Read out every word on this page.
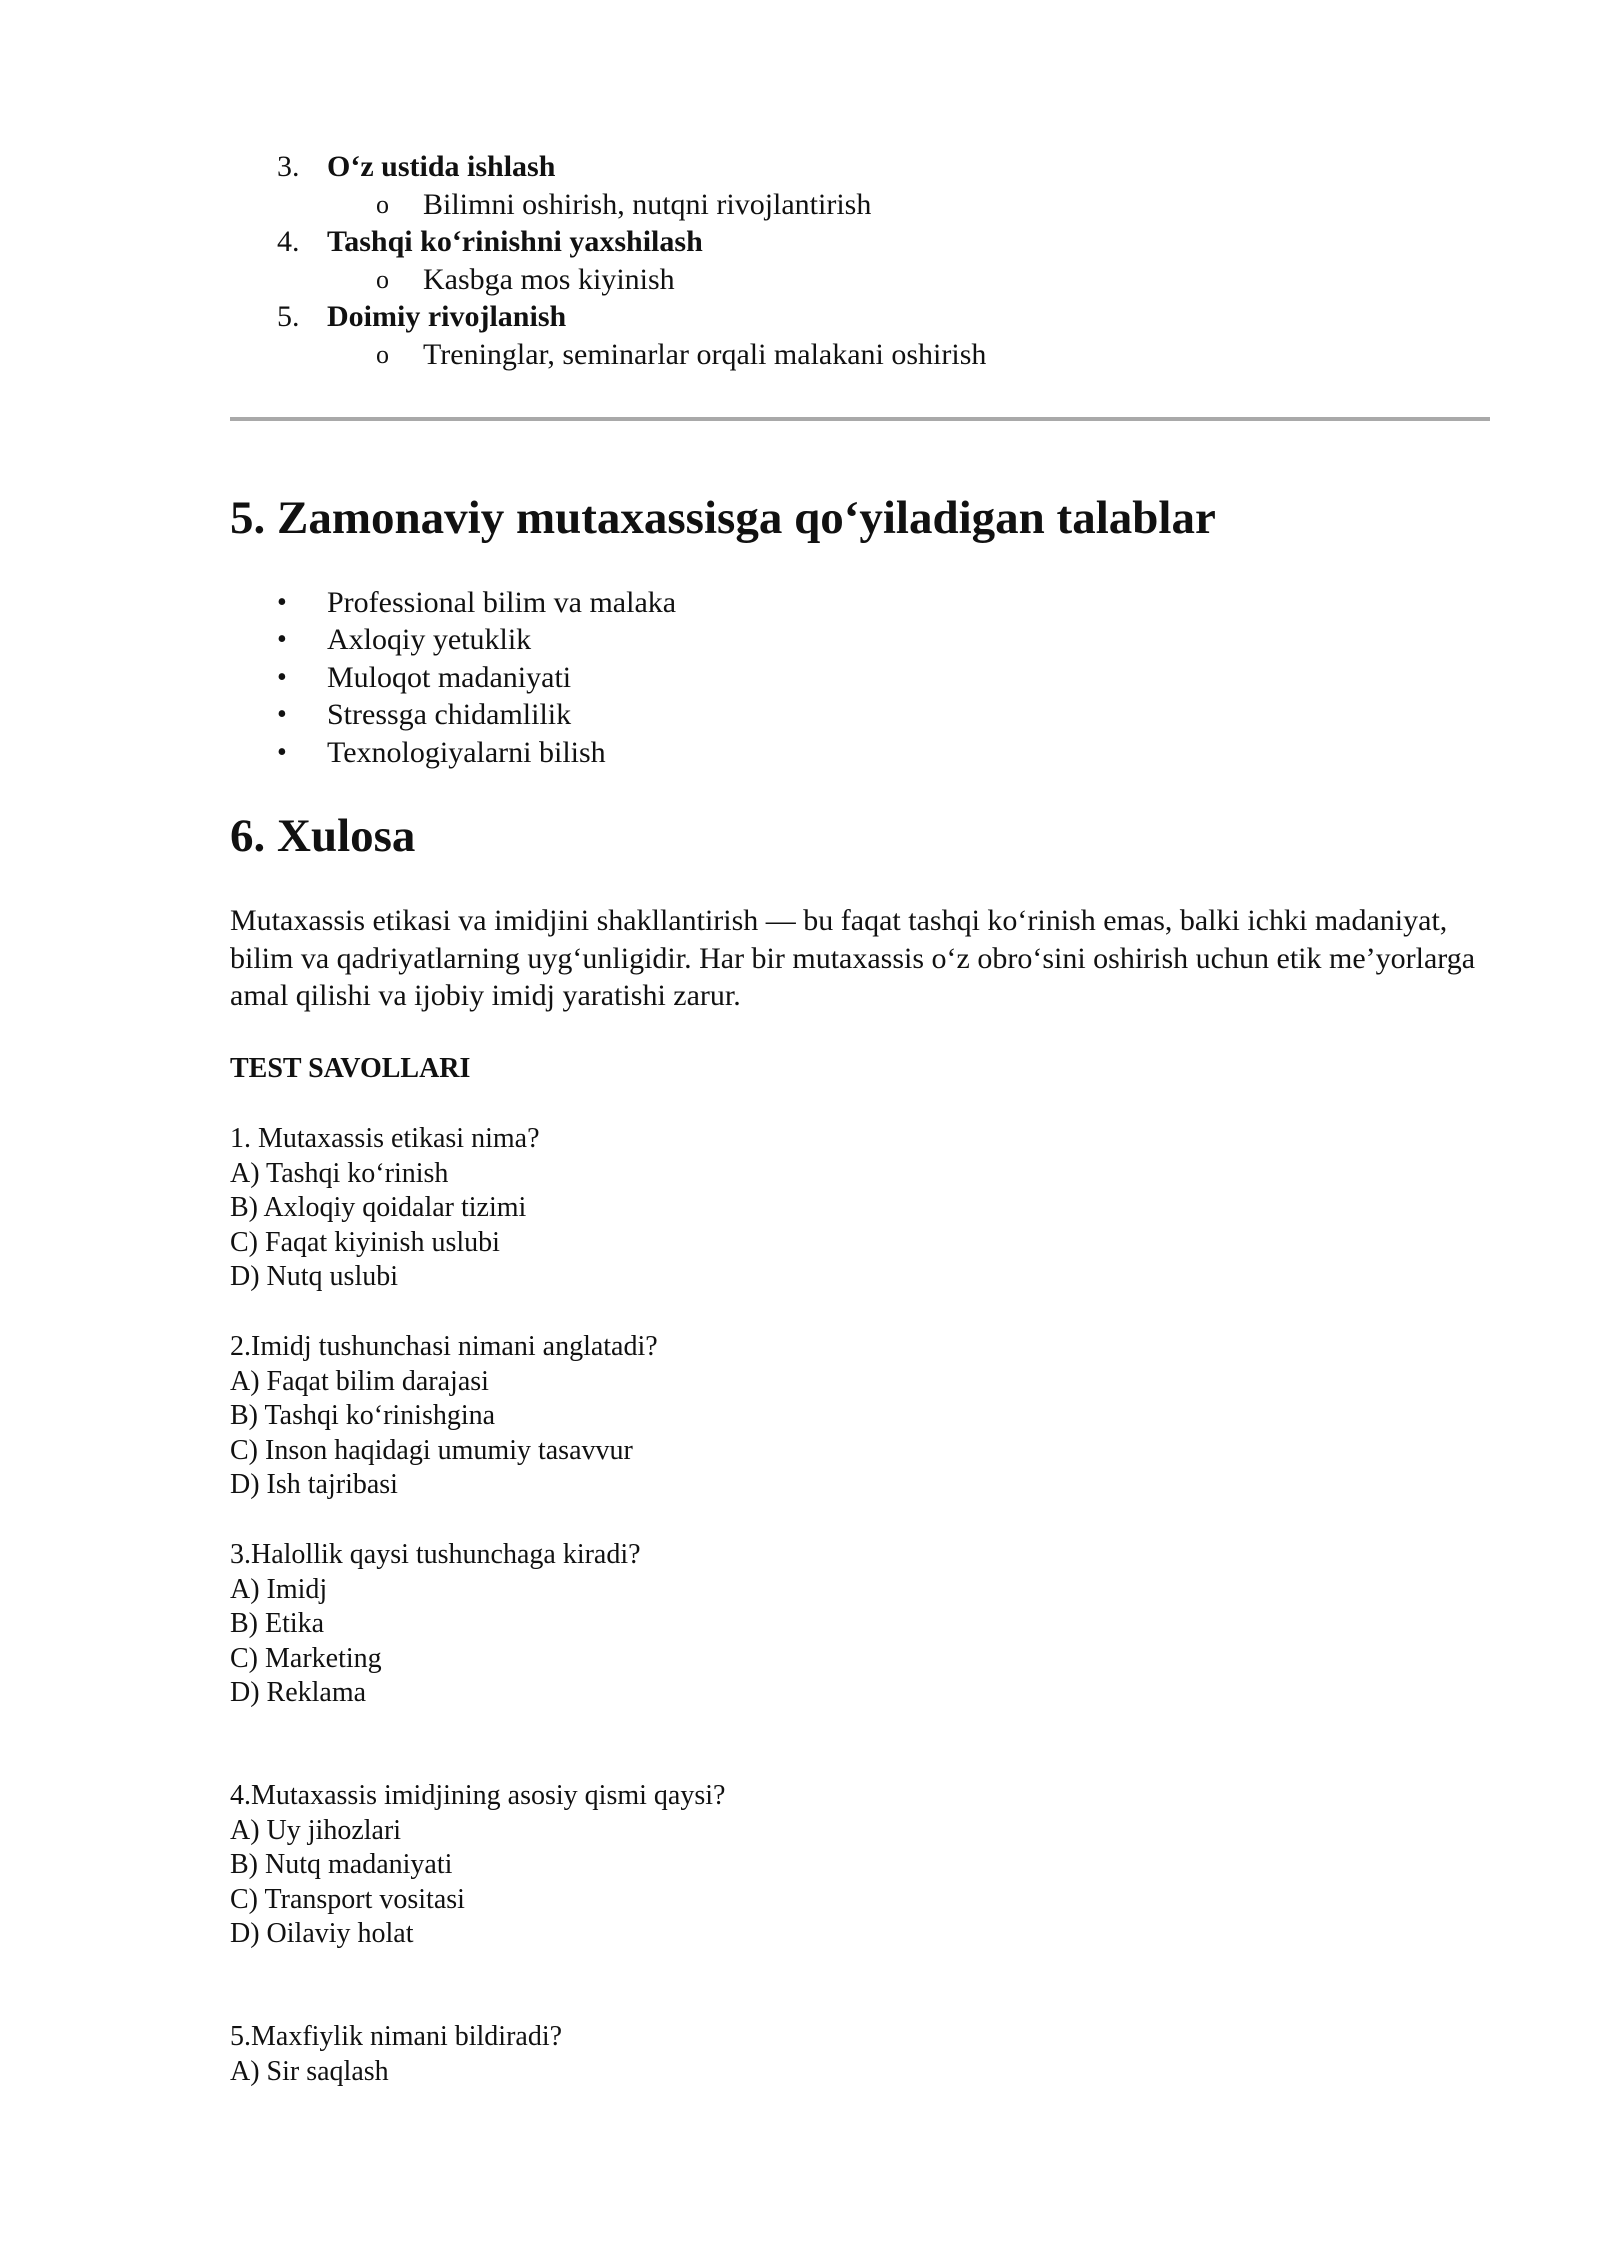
3. O‘z ustida ishlash
o Bilimni oshirish, nutqni rivojlantirish
4. Tashqi ko‘rinishni yaxshilash
o Kasbga mos kiyinish
5. Doimiy rivojlanish
o Treninglar, seminarlar orqali malakani oshirish
5. Zamonaviy mutaxassisga qo‘yiladigan talablar
• Professional bilim va malaka
• Axloqiy yetuklik
• Muloqot madaniyati
• Stressga chidamlilik
• Texnologiyalarni bilish
6. Xulosa
Mutaxassis etikasi va imidjini shakllantirish — bu faqat tashqi ko‘rinish emas, balki ichki madaniyat, bilim va qadriyatlarning uyg‘unligidir. Har bir mutaxassis o‘z obro‘sini oshirish uchun etik me’yorlarga amal qilishi va ijobiy imidj yaratishi zarur.
TEST SAVOLLARI
1. Mutaxassis etikasi nima?
A) Tashqi ko‘rinish
B) Axloqiy qoidalar tizimi
C) Faqat kiyinish uslubi
D) Nutq uslubi
2.Imidj tushunchasi nimani anglatadi?
A) Faqat bilim darajasi
B) Tashqi ko‘rinishgina
C) Inson haqidagi umumiy tasavvur
D) Ish tajribasi
3.Halollik qaysi tushunchaga kiradi?
A) Imidj
B) Etika
C) Marketing
D) Reklama
4.Mutaxassis imidjining asosiy qismi qaysi?
A) Uy jihozlari
B) Nutq madaniyati
C) Transport vositasi
D) Oilaviy holat
5.Maxfiylik nimani bildiradi?
A) Sir saqlash
